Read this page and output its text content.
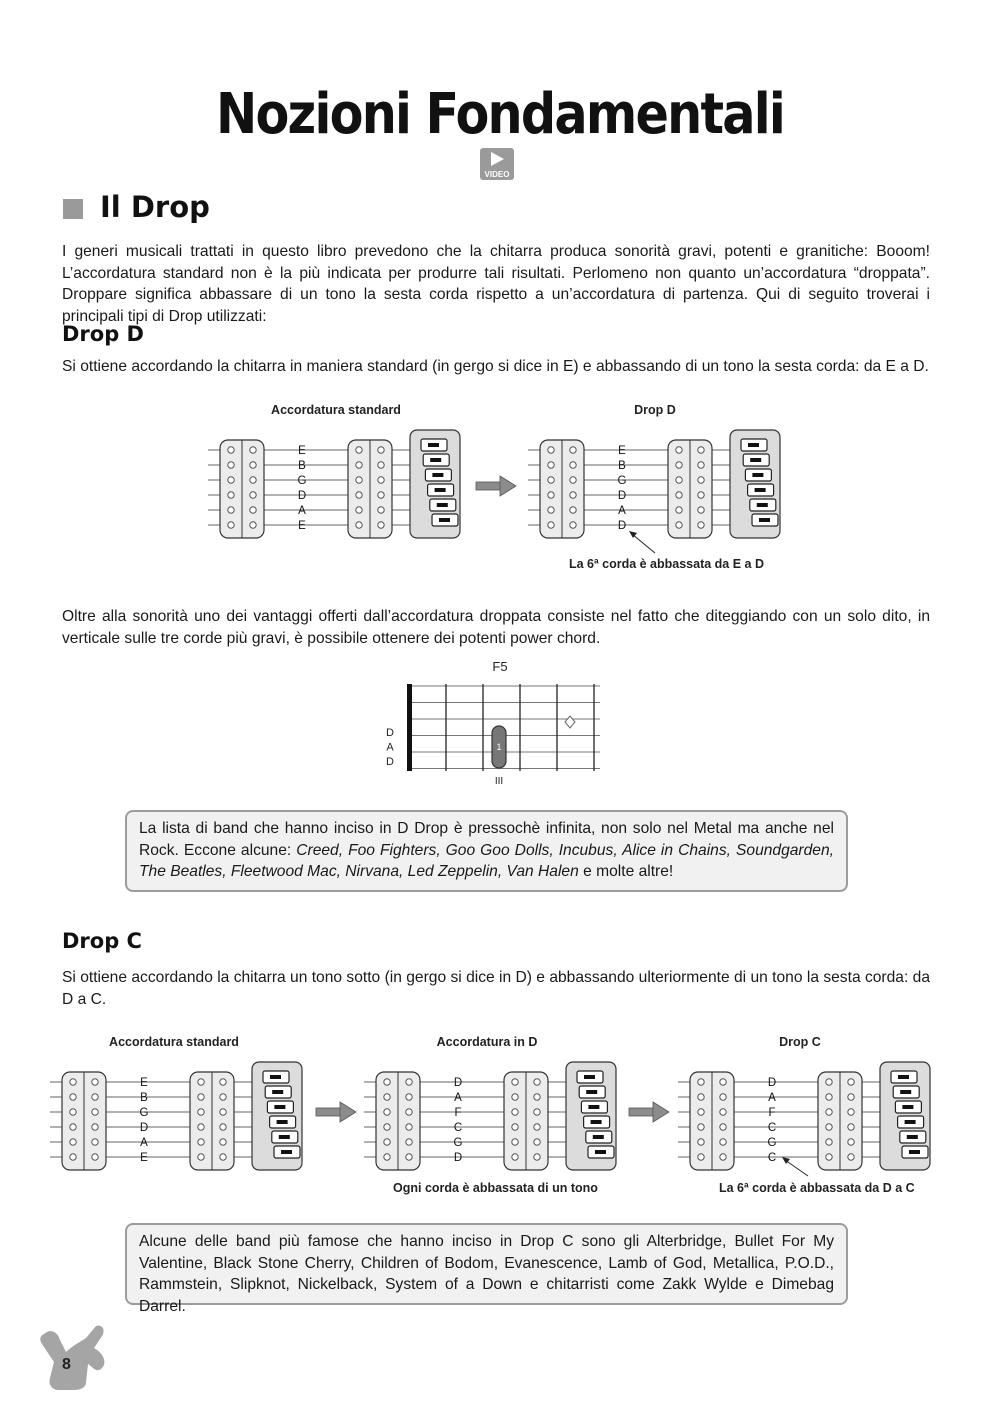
Nozioni Fondamentali
VIDEO
Il Drop
I generi musicali trattati in questo libro prevedono che la chitarra produca sonorità gravi, potenti e granitiche: Booom! L’accordatura standard non è la più indicata per produrre tali risultati. Perlomeno non quanto un’accordatura “droppata”. Droppare significa abbassare di un tono la sesta corda rispetto a un’accordatura di partenza. Qui di seguito troverai i principali tipi di Drop utilizzati:
Drop D
Si ottiene accordando la chitarra in maniera standard (in gergo si dice in E) e abbassando di un tono la sesta corda: da E a D.
Accordatura standard	Drop D
E
B
G
D
A
E
E
B
G
D
A
D
E
B
G
D
A
E
D
A
F
C
G
D
D
A
F
C
G
C
La 6ª corda è abbassata da E a D
Oltre alla sonorità uno dei vantaggi offerti dall’accordatura droppata consiste nel fatto che diteggiando con un solo dito, in verticale sulle tre corde più gravi, è possibile ottenere dei potenti power chord.
F5
1
D
A
D
III
La lista di band che hanno inciso in D Drop è pressochè infinita, non solo nel Metal ma anche nel Rock. Eccone alcune: Creed, Foo Fighters, Goo Goo Dolls, Incubus, Alice in Chains, Soundgarden, The Beatles, Fleetwood Mac, Nirvana, Led Zeppelin, Van Halen e molte altre!
Drop C
Si ottiene accordando la chitarra un tono sotto (in gergo si dice in D) e abbassando ulteriormente di un tono la sesta corda: da D a C.
Accordatura standard	Accordatura in D	Drop C
Ogni corda è abbassata di un tono	La 6ª corda è abbassata da D a C
Alcune delle band più famose che hanno inciso in Drop C sono gli Alterbridge, Bullet For My Valentine, Black Stone Cherry, Children of Bodom, Evanescence, Lamb of God, Metallica, P.O.D., Rammstein, Slipknot, Nickelback, System of a Down e chitarristi come Zakk Wylde e Dimebag Darrel.
8
